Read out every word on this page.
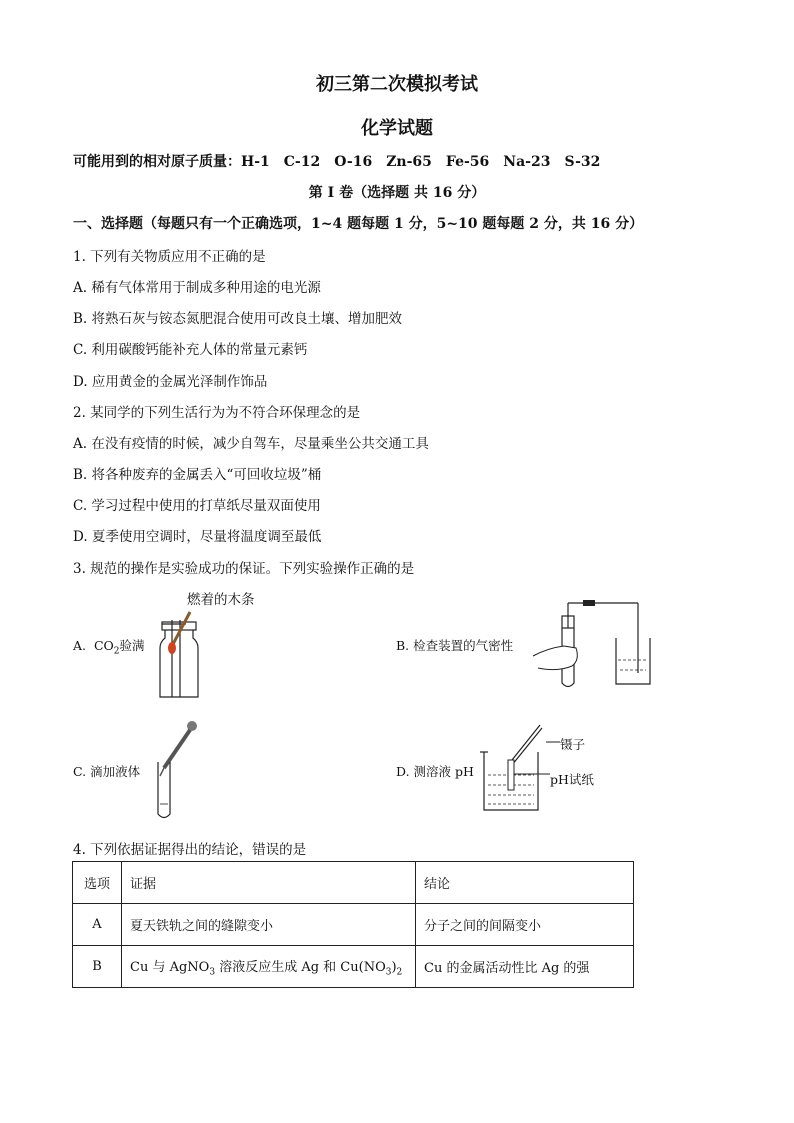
初三第二次模拟考试
化学试题
可能用到的相对原子质量：H-1　C-12　O-16　Zn-65　Fe-56　Na-23　S-32
第 I 卷（选择题 共 16 分）
一、选择题（每题只有一个正确选项，1~4 题每题 1 分，5~10 题每题 2 分，共 16 分）
1. 下列有关物质应用不正确的是
A. 稀有气体常用于制成多种用途的电光源
B. 将熟石灰与铵态氮肥混合使用可改良土壤、增加肥效
C. 利用碳酸钙能补充人体的常量元素钙
D. 应用黄金的金属光泽制作饰品
2. 某同学的下列生活行为为不符合环保理念的是
A. 在没有疫情的时候，减少自驾车，尽量乘坐公共交通工具
B. 将各种废弃的金属丢入“可回收垃圾”桶
C. 学习过程中使用的打草纸尽量双面使用
D. 夏季使用空调时，尽量将温度调至最低
3. 规范的操作是实验成功的保证。下列实验操作正确的是
燃着的木条
A. $CO_2$验满	B. 检查装置的气密性
C. 滴加液体	D. 测溶液 pH
镊子
pH试纸
4. 下列依据证据得出的结论，错误的是
选项	证据	结论
A	夏天铁轨之间的缝隙变小	分子之间的间隔变小
B	Cu 与 AgNO$_3$ 溶液反应生成 Ag 和 $Cu(NO_3)_2$	Cu 的金属活动性比 Ag 的强
